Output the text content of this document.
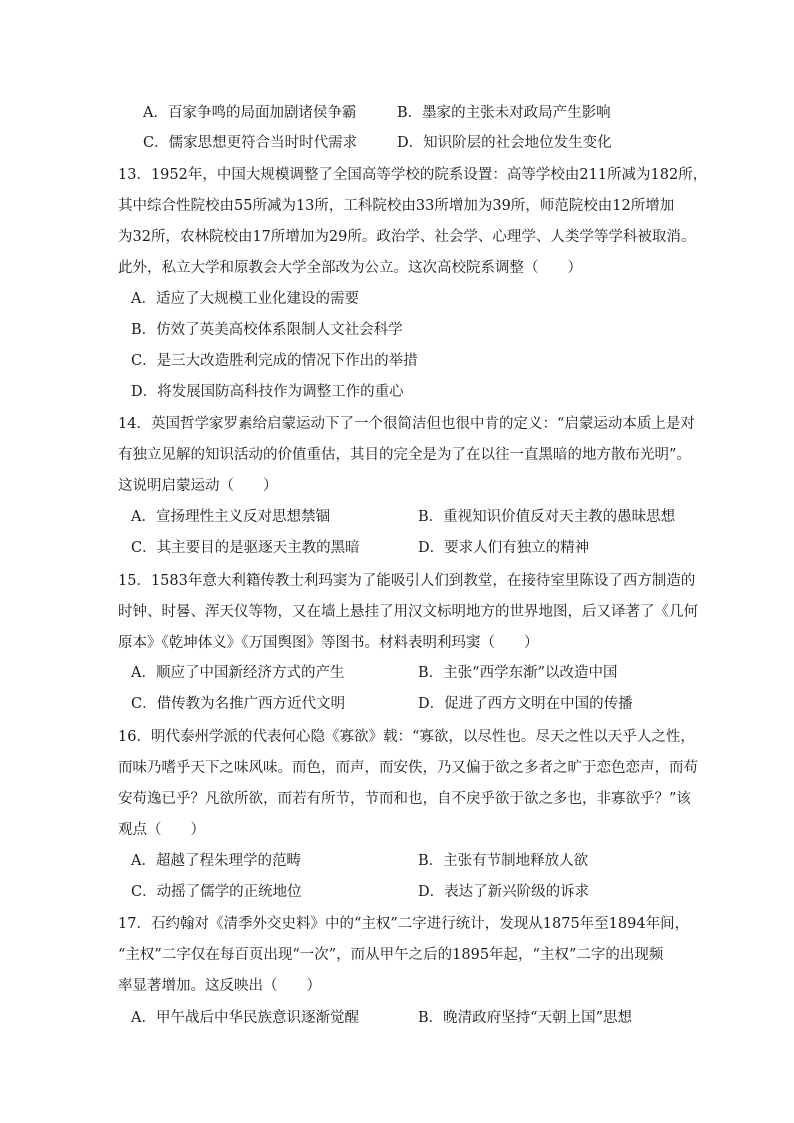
A．百家争鸣的局面加剧诸侯争霸	B．墨家的主张未对政局产生影响
C．儒家思想更符合当时时代需求	D．知识阶层的社会地位发生变化
13．1952年，中国大规模调整了全国高等学校的院系设置：高等学校由211所减为182所，
其中综合性院校由55所减为13所，工科院校由33所增加为39所，师范院校由12所增加
为32所，农林院校由17所增加为29所。政治学、社会学、心理学、人类学等学科被取消。
此外，私立大学和原教会大学全部改为公立。这次高校院系调整（　　）
A．适应了大规模工业化建设的需要
B．仿效了英美高校体系限制人文社会科学
C．是三大改造胜利完成的情况下作出的举措
D．将发展国防高科技作为调整工作的重心
14．英国哲学家罗素给启蒙运动下了一个很简洁但也很中肯的定义：“启蒙运动本质上是对
有独立见解的知识活动的价值重估，其目的完全是为了在以往一直黑暗的地方散布光明”。
这说明启蒙运动（　　）
A．宣扬理性主义反对思想禁锢	B．重视知识价值反对天主教的愚昧思想
C．其主要目的是驱逐天主教的黑暗	D．要求人们有独立的精神
15．1583年意大利籍传教士利玛窦为了能吸引人们到教堂，在接待室里陈设了西方制造的
时钟、时晷、浑天仪等物，又在墙上悬挂了用汉文标明地方的世界地图，后又译著了《几何
原本》《乾坤体义》《万国舆图》等图书。材料表明利玛窦（　　）
A．顺应了中国新经济方式的产生	B．主张“西学东渐”以改造中国
C．借传教为名推广西方近代文明	D．促进了西方文明在中国的传播
16．明代泰州学派的代表何心隐《寡欲》载：“寡欲，以尽性也。尽天之性以天乎人之性，
而味乃嗜乎天下之味风味。而色，而声，而安佚，乃又偏于欲之多者之旷于恋色恋声，而苟
安苟逸已乎？凡欲所欲，而若有所节，节而和也，自不戾乎欲于欲之多也，非寡欲乎？”该
观点（　　）
A．超越了程朱理学的范畴	B．主张有节制地释放人欲
C．动摇了儒学的正统地位	D．表达了新兴阶级的诉求
17．石约翰对《清季外交史料》中的“主权”二字进行统计，发现从1875年至1894年间，
“主权”二字仅在每百页出现“一次”，而从甲午之后的1895年起，“主权”二字的出现频
率显著增加。这反映出（　　）
A．甲午战后中华民族意识逐渐觉醒	B．晚清政府坚持“天朝上国”思想
